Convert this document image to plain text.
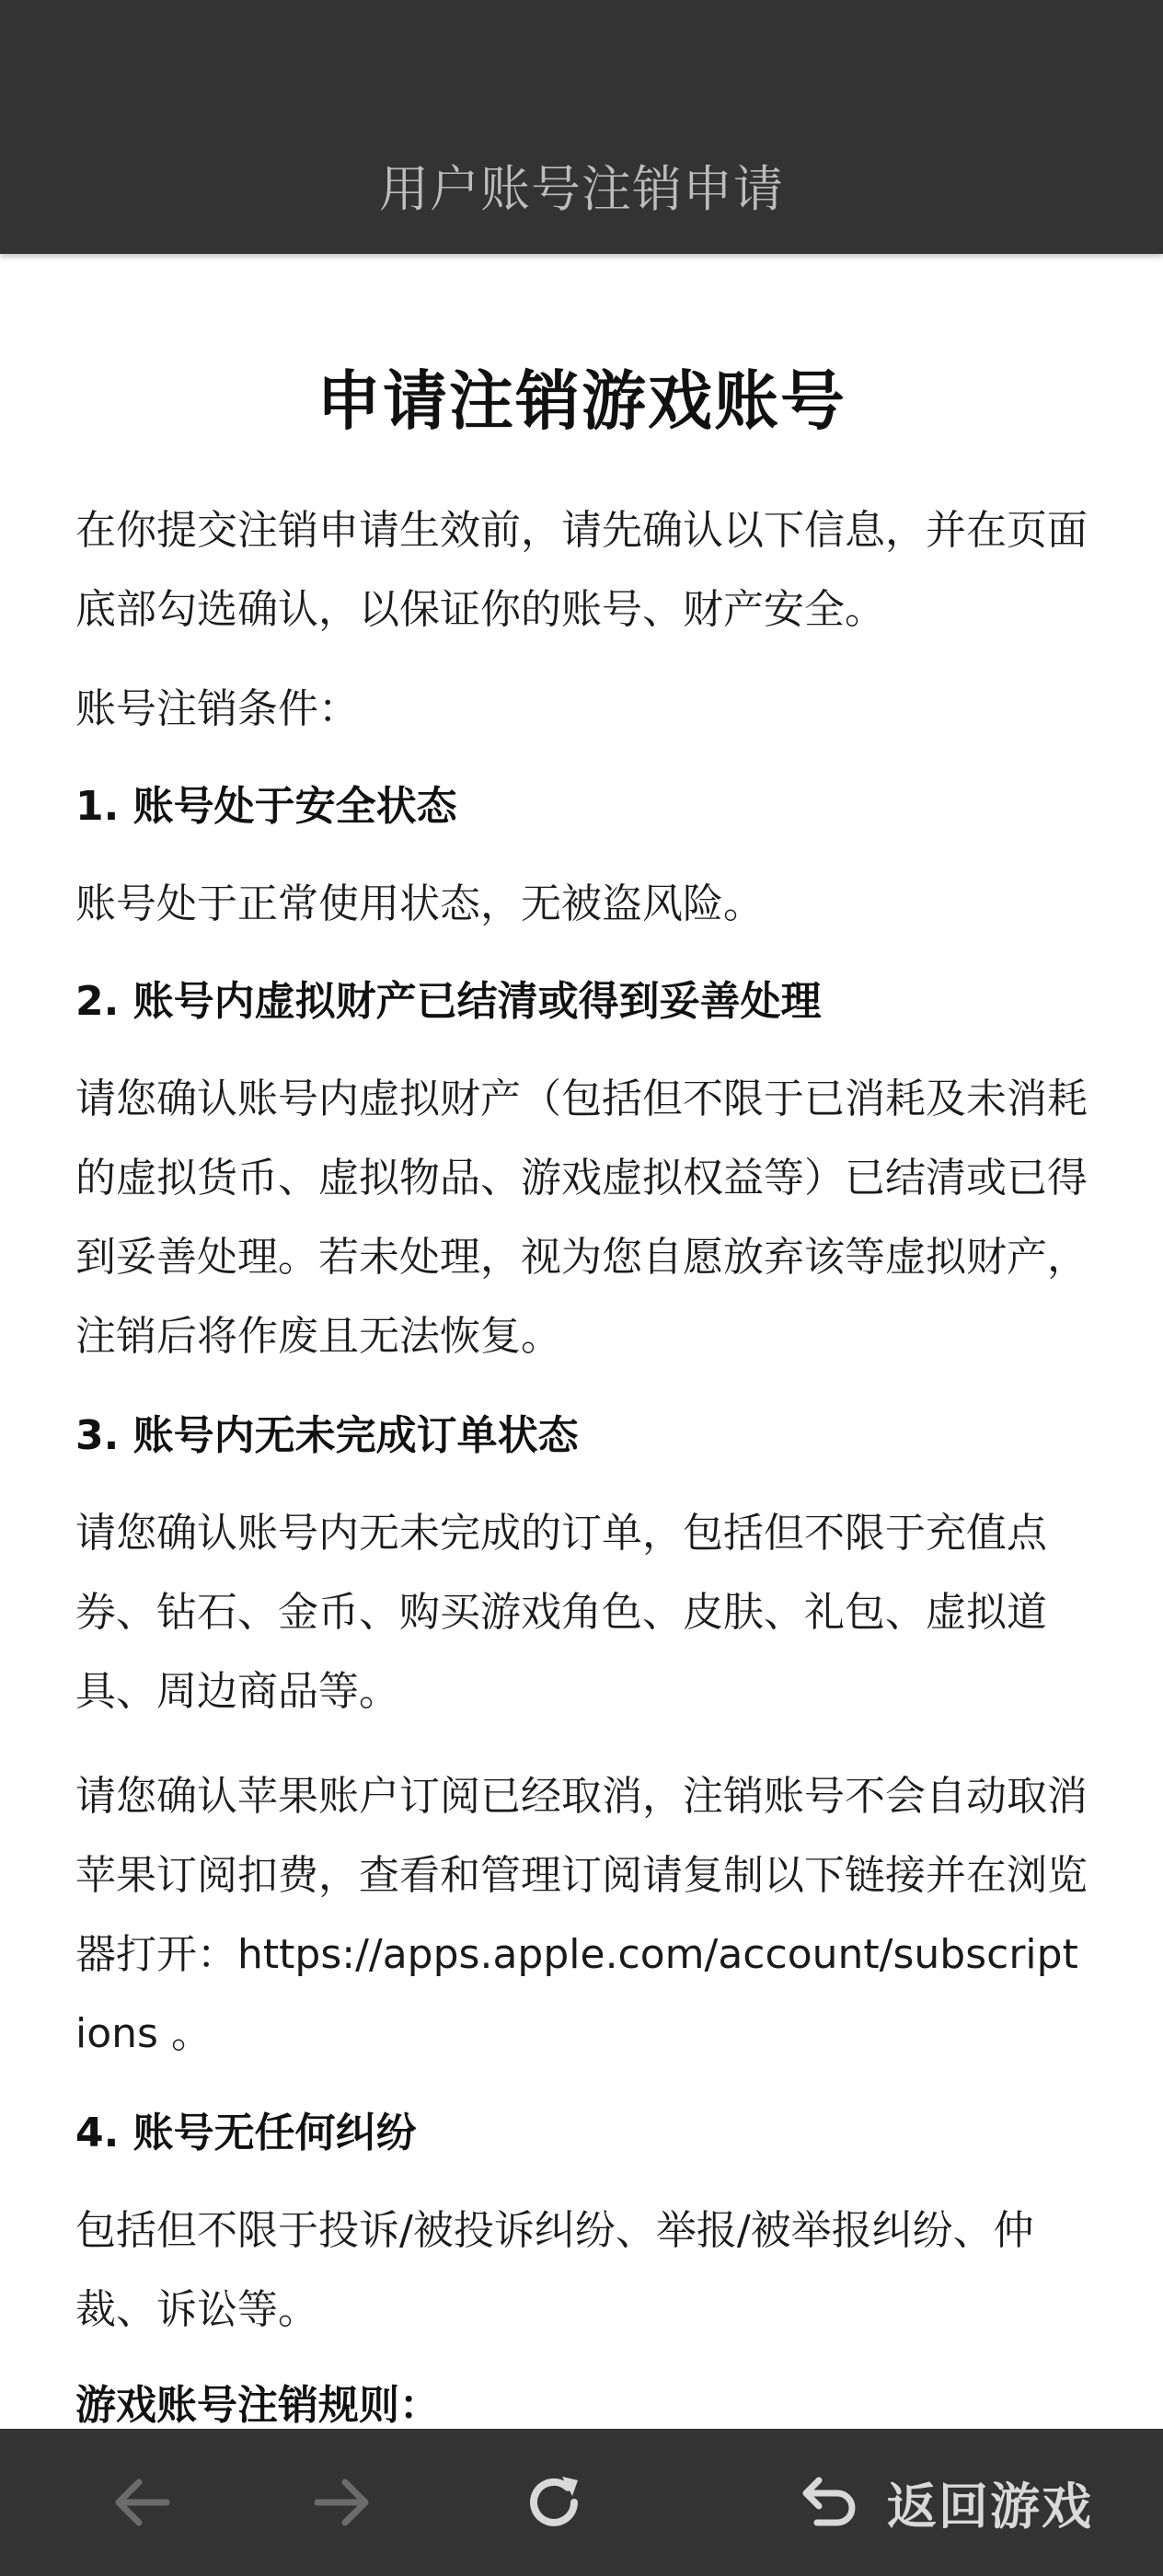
用户账号注销申请
申请注销游戏账号

在你提交注销申请生效前，请先确认以下信息，并在页面底部勾选确认，以保证你的账号、财产安全。

账号注销条件：

1. 账号处于安全状态

账号处于正常使用状态，无被盗风险。

2. 账号内虚拟财产已结清或得到妥善处理

请您确认账号内虚拟财产（包括但不限于已消耗及未消耗的虚拟货币、虚拟物品、游戏虚拟权益等）已结清或已得到妥善处理。若未处理，视为您自愿放弃该等虚拟财产，注销后将作废且无法恢复。

3. 账号内无未完成订单状态

请您确认账号内无未完成的订单，包括但不限于充值点券、钻石、金币、购买游戏角色、皮肤、礼包、虚拟道具、周边商品等。

请您确认苹果账户订阅已经取消，注销账号不会自动取消苹果订阅扣费，查看和管理订阅请复制以下链接并在浏览器打开：https://apps.apple.com/account/subscriptions 。

4. 账号无任何纠纷

包括但不限于投诉/被投诉纠纷、举报/被举报纠纷、仲裁、诉讼等。

游戏账号注销规则：

返回游戏
